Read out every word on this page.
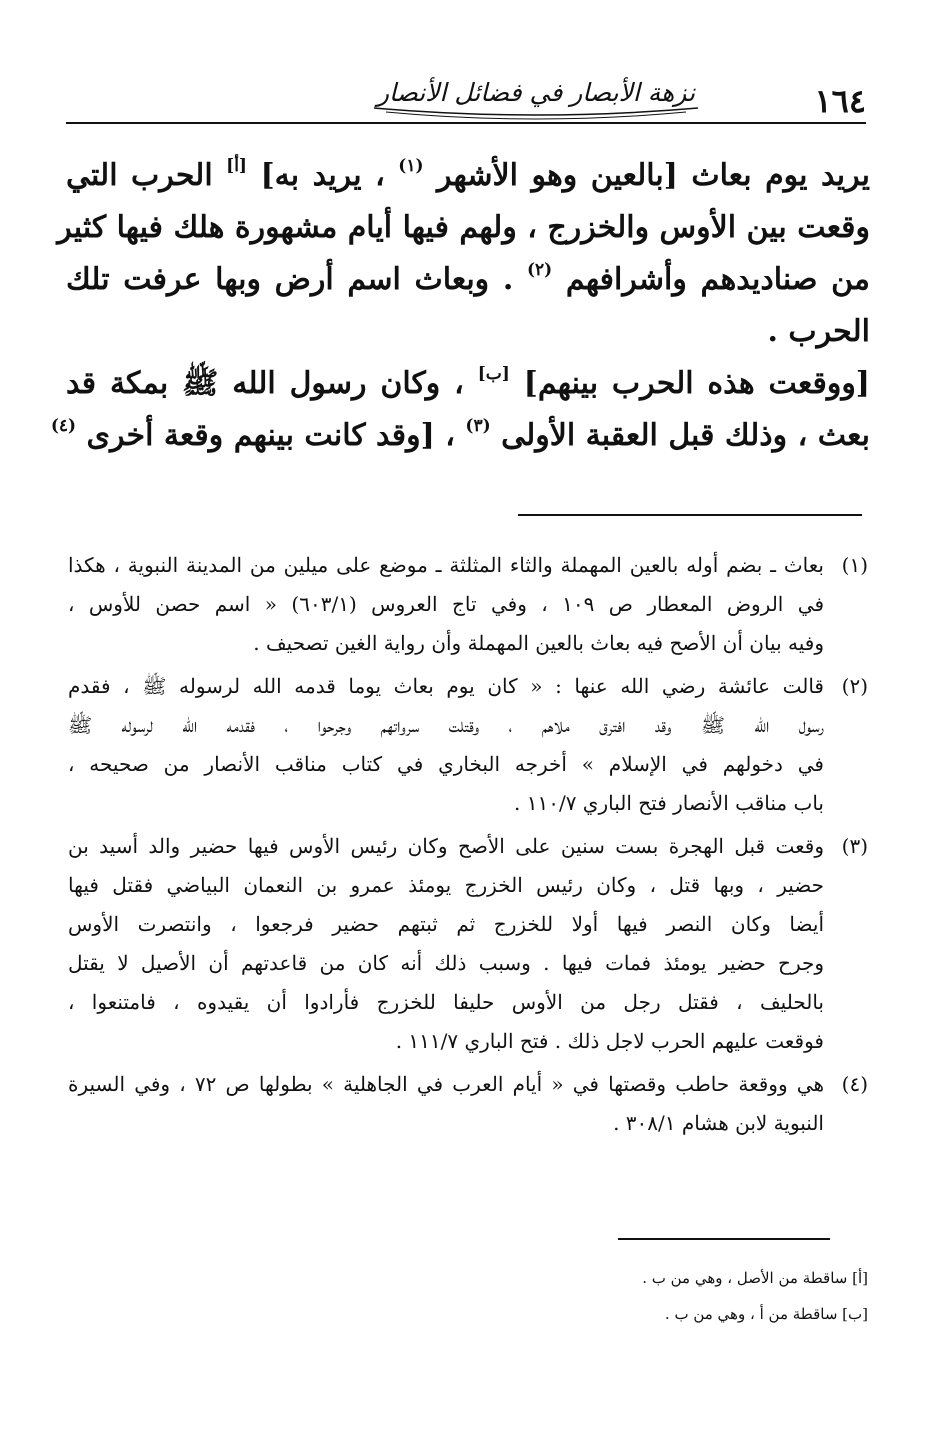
نزهة الأبصار في فضائل الأنصار	١٦٤
يريد يوم بعاث [بالعين وهو الأشهر $^{(١)}$ ، يريد به] [أ] الحرب التي
وقعت بين الأوس والخزرج ، ولهم فيها أيام مشهورة هلك فيها كثير
من صناديدهم وأشرافهم $^{(٢)}$ . وبعاث اسم أرض وبها عرفت تلك
الحرب .
[ووقعت هذه الحرب بينهم] [ب] ، وكان رسول الله ﷺ بمكة قد
بعث ، وذلك قبل العقبة الأولى $^{(٣)}$ ، [وقد كانت بينهم وقعة أخرى $^{(٤)}$
(١)
بعاث ـ بضم أوله بالعين المهملة والثاء المثلثة ـ موضع على ميلين من المدينة النبوية ، هكذا
في الروض المعطار ص ١٠٩ ، وفي تاج العروس (٦٠٣/١) « اسم حصن للأوس ،
وفيه بيان أن الأصح فيه بعاث بالعين المهملة وأن رواية الغين تصحيف .
(٢)
قالت عائشة رضي الله عنها : « كان يوم بعاث يوما قدمه الله لرسوله ﷺ ، فقدم
رسول الله ﷺ وقد افترق ملاهم ، وقتلت سرواتهم وجرحوا ، فقدمه الله لرسوله ﷺ
في دخولهم في الإسلام » أخرجه البخاري في كتاب مناقب الأنصار من صحيحه ،
باب مناقب الأنصار فتح الباري ١١٠/٧ .
(٣)
وقعت قبل الهجرة بست سنين على الأصح وكان رئيس الأوس فيها حضير والد أسيد بن
حضير ، وبها قتل ، وكان رئيس الخزرج يومئذ عمرو بن النعمان البياضي فقتل فيها
أيضا وكان النصر فيها أولا للخزرج ثم ثبتهم حضير فرجعوا ، وانتصرت الأوس
وجرح حضير يومئذ فمات فيها . وسبب ذلك أنه كان من قاعدتهم أن الأصيل لا يقتل
بالحليف ، فقتل رجل من الأوس حليفا للخزرج فأرادوا أن يقيدوه ، فامتنعوا ،
فوقعت عليهم الحرب لاجل ذلك . فتح الباري ١١١/٧ .
(٤)
هي ووقعة حاطب وقصتها في « أيام العرب في الجاهلية » بطولها ص ٧٢ ، وفي السيرة
النبوية لابن هشام ٣٠٨/١ .
[أ] ساقطة من الأصل ، وهي من ب .
[ب] ساقطة من أ ، وهي من ب .
